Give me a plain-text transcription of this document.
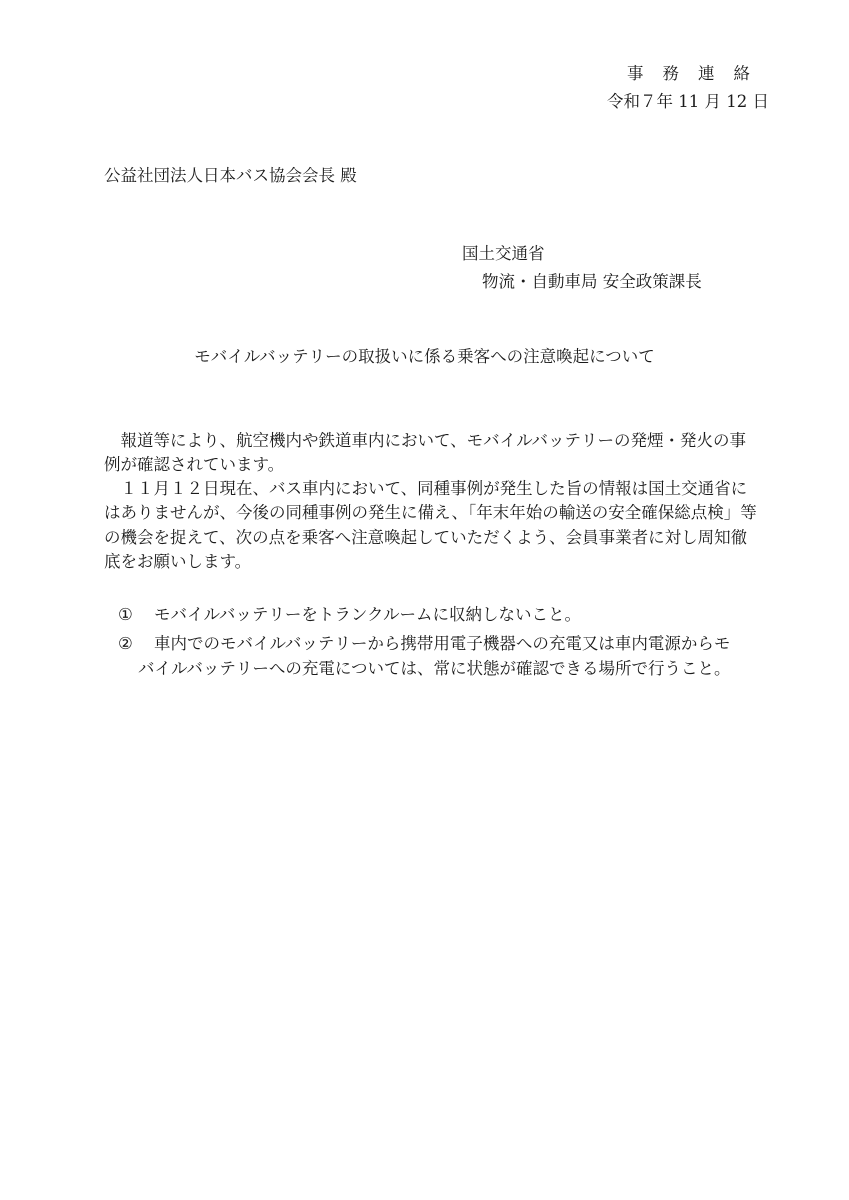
事務連絡
令和７年 11 月 12 日
公益社団法人日本バス協会会長 殿
国土交通省
物流・自動車局 安全政策課長
モバイルバッテリーの取扱いに係る乗客への注意喚起について
　報道等により、航空機内や鉄道車内において、モバイルバッテリーの発煙・発火の事
例が確認されています。
　１１月１２日現在、バス車内において、同種事例が発生した旨の情報は国土交通省に
はありませんが、今後の同種事例の発生に備え、「年末年始の輸送の安全確保総点検」等
の機会を捉えて、次の点を乗客へ注意喚起していただくよう、会員事業者に対し周知徹
底をお願いします。
① モバイルバッテリーをトランクルームに収納しないこと。
② 車内でのモバイルバッテリーから携帯用電子機器への充電又は車内電源からモ
バイルバッテリーへの充電については、常に状態が確認できる場所で行うこと。
